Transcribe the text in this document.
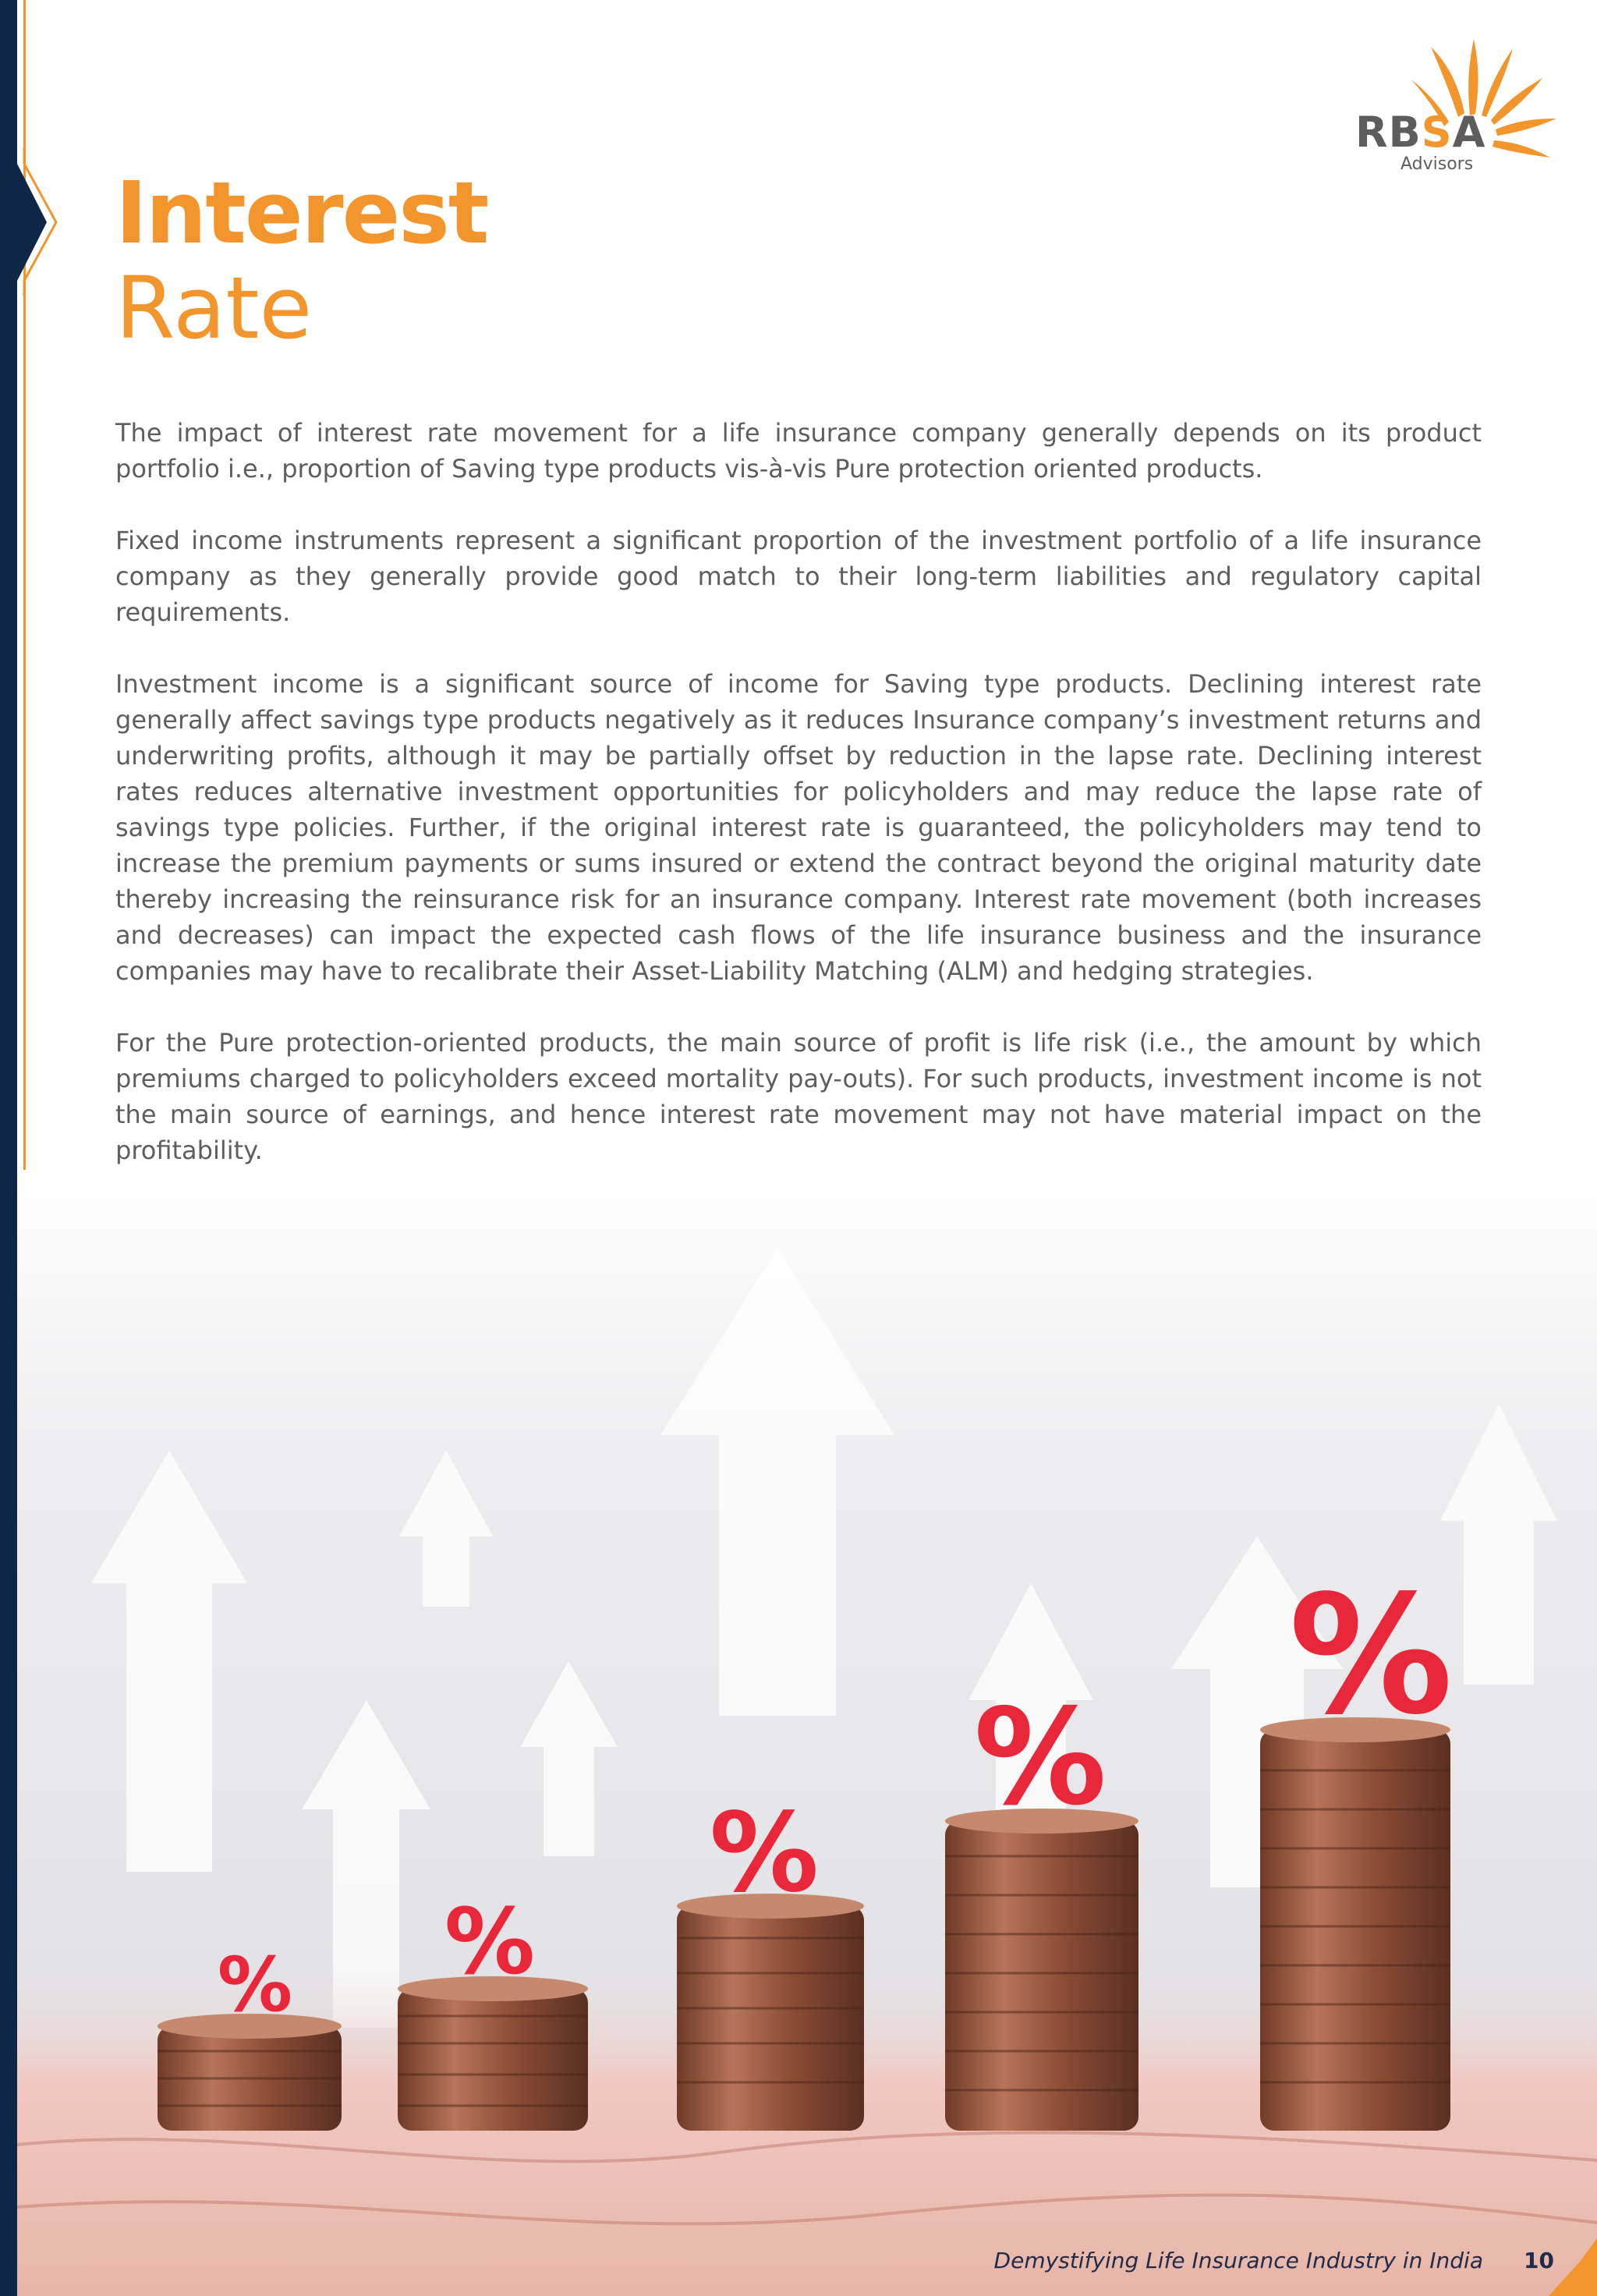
RBSA
Advisors
Interest
Rate

The impact of interest rate movement for a life insurance company generally depends on its product portfolio i.e., proportion of Saving type products vis-à-vis Pure protection oriented products.

Fixed income instruments represent a significant proportion of the investment portfolio of a life insurance company as they generally provide good match to their long-term liabilities and regulatory capital requirements.

Investment income is a significant source of income for Saving type products. Declining interest rate generally affect savings type products negatively as it reduces Insurance company’s investment returns and underwriting profits, although it may be partially offset by reduction in the lapse rate. Declining interest rates reduces alternative investment opportunities for policyholders and may reduce the lapse rate of savings type policies. Further, if the original interest rate is guaranteed, the policyholders may tend to increase the premium payments or sums insured or extend the contract beyond the original maturity date thereby increasing the reinsurance risk for an insurance company. Interest rate movement (both increases and decreases) can impact the expected cash flows of the life insurance business and the insurance companies may have to recalibrate their Asset-Liability Matching (ALM) and hedging strategies.

For the Pure protection-oriented products, the main source of profit is life risk (i.e., the amount by which premiums charged to policyholders exceed mortality pay-outs). For such products, investment income is not the main source of earnings, and hence interest rate movement may not have material impact on the profitability.

% %
%
%
%
Demystifying Life Insurance Industry in India 10
